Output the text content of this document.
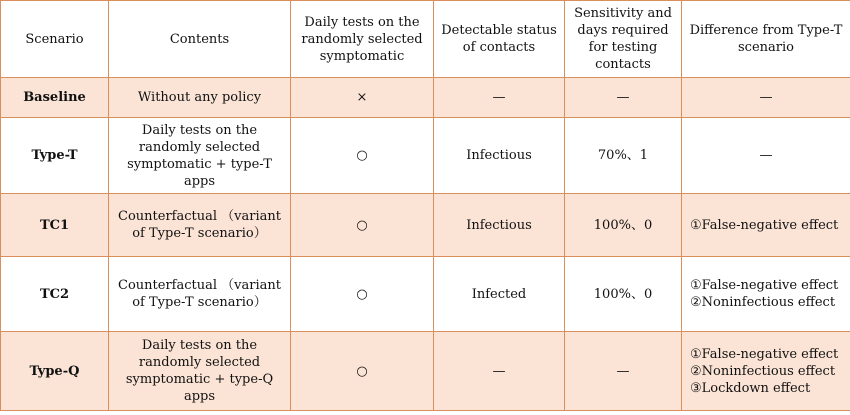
Scenario	Contents	Daily tests on the randomly selected symptomatic	Detectable status of contacts	Sensitivity and days required for testing contacts	Difference from Type-T scenario
Baseline	Without any policy	×	—	—	—
Type-T	Daily tests on the randomly selected symptomatic + type-T apps	○	Infectious	70%、1	—
TC1	Counterfactual （variant of Type-T scenario）	○	Infectious	100%、0	①False-negative effect
TC2	Counterfactual （variant of Type-T scenario）	○	Infected	100%、0	①False-negative effect
②Noninfectious effect

Type-Q	Daily tests on the randomly selected symptomatic + type-Q apps	○	—	—	①False-negative effect
②Noninfectious effect
③Lockdown effect
